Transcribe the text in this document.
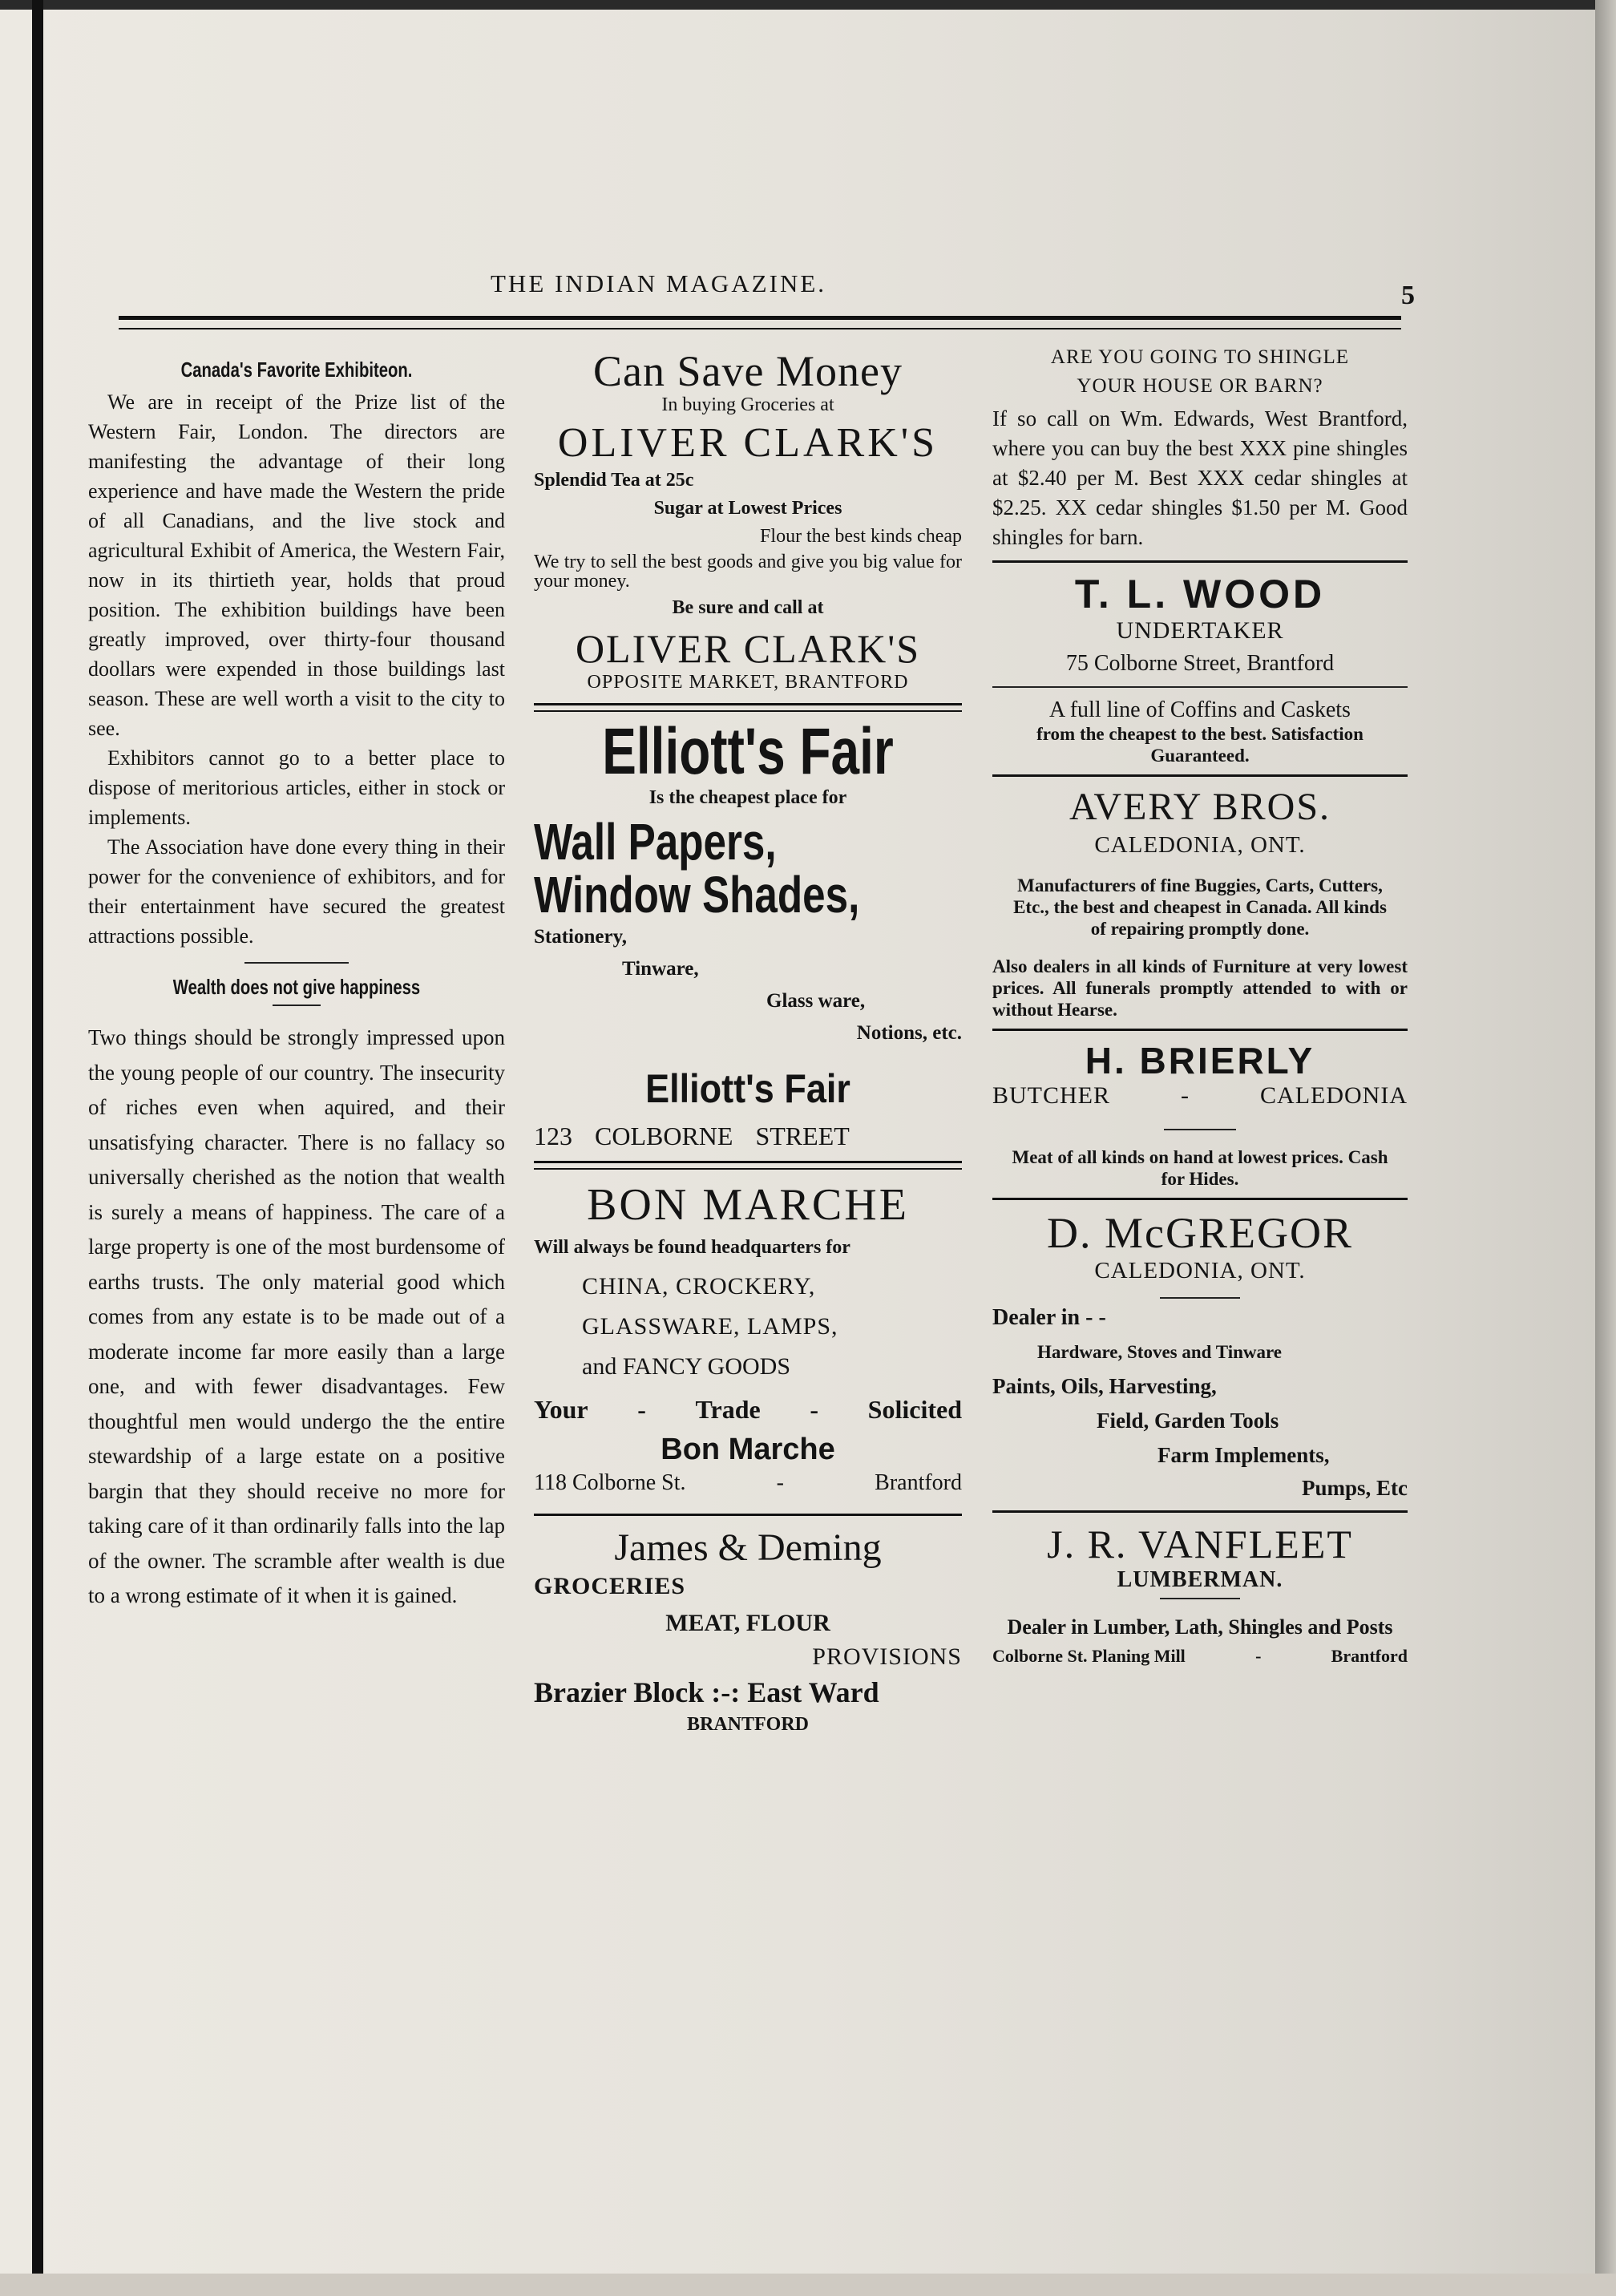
THE INDIAN MAGAZINE.	5
Canada's Favorite Exhibiteon.

We are in receipt of the Prize list of the Western Fair, London. The directors are manifesting the advantage of their long experience and have made the Western the pride of all Canadians, and the live stock and agricultural Exhibit of America, the Western Fair, now in its thirtieth year, holds that proud position. The exhibition buildings have been greatly improved, over thirty-four thousand doollars were expended in those buildings last season. These are well worth a visit to the city to see.

Exhibitors cannot go to a better place to dispose of meritorious articles, either in stock or implements.

The Association have done every thing in their power for the convenience of exhibitors, and for their entertainment have secured the greatest attractions possible.

Wealth does not give happiness

Two things should be strongly impressed upon the young people of our country. The insecurity of riches even when aquired, and their unsatisfying character. There is no fallacy so universally cherished as the notion that wealth is surely a means of happiness. The care of a large property is one of the most burdensome of earths trusts. The only material good which comes from any estate is to be made out of a moderate income far more easily than a large one, and with fewer disadvantages. Few thoughtful men would undergo the the entire stewardship of a large estate on a positive bargin that they should receive no more for taking care of it than ordinarily falls into the lap of the owner. The scramble after wealth is due to a wrong estimate of it when it is gained.

Can Save Money
In buying Groceries at
OLIVER CLARK'S
Splendid Tea at 25c
Sugar at Lowest Prices
Flour the best kinds cheap
We try to sell the best goods and give you big value for your money.
Be sure and call at
OLIVER CLARK'S
OPPOSITE MARKET, BRANTFORD
Elliott's Fair
Is the cheapest place for
Wall Papers,
Window Shades,
Stationery,
Tinware,
Glass ware,
Notions, etc.
Elliott's Fair
123  COLBORNE  STREET
BON MARCHE
Will always be found headquarters for
CHINA, CROCKERY,
GLASSWARE, LAMPS,
and FANCY GOODS
Your - Trade - Solicited
Bon Marche
118 Colborne St.	-	Brantford
James & Deming
GROCERIES
MEAT, FLOUR
PROVISIONS
Brazier Block :-: East Ward
BRANTFORD
ARE YOU GOING TO SHINGLE
YOUR HOUSE OR BARN?
If so call on Wm. Edwards, West Brantford, where you can buy the best XXX pine shingles at $2.40 per M. Best XXX cedar shingles at $2.25. XX cedar shingles $1.50 per M. Good shingles for barn.
T. L. WOOD
UNDERTAKER
75 Colborne Street, Brantford
A full line of Coffins and Caskets
from the cheapest to the best. Satisfaction Guaranteed.
AVERY BROS.
CALEDONIA, ONT.
Manufacturers of fine Buggies, Carts, Cutters, Etc., the best and cheapest in Canada. All kinds of repairing promptly done.
Also dealers in all kinds of Furniture at very lowest prices. All funerals promptly attended to with or without Hearse.
H. BRIERLY
BUTCHER	-	CALEDONIA
Meat of all kinds on hand at lowest prices. Cash for Hides.
D. McGREGOR
CALEDONIA, ONT.
Dealer in - -
Hardware, Stoves and Tinware
Paints, Oils, Harvesting,
Field, Garden Tools
Farm Implements,
Pumps, Etc
J. R. VANFLEET
LUMBERMAN.
Dealer in Lumber, Lath, Shingles and Posts
Colborne St. Planing Mill	-	Brantford
